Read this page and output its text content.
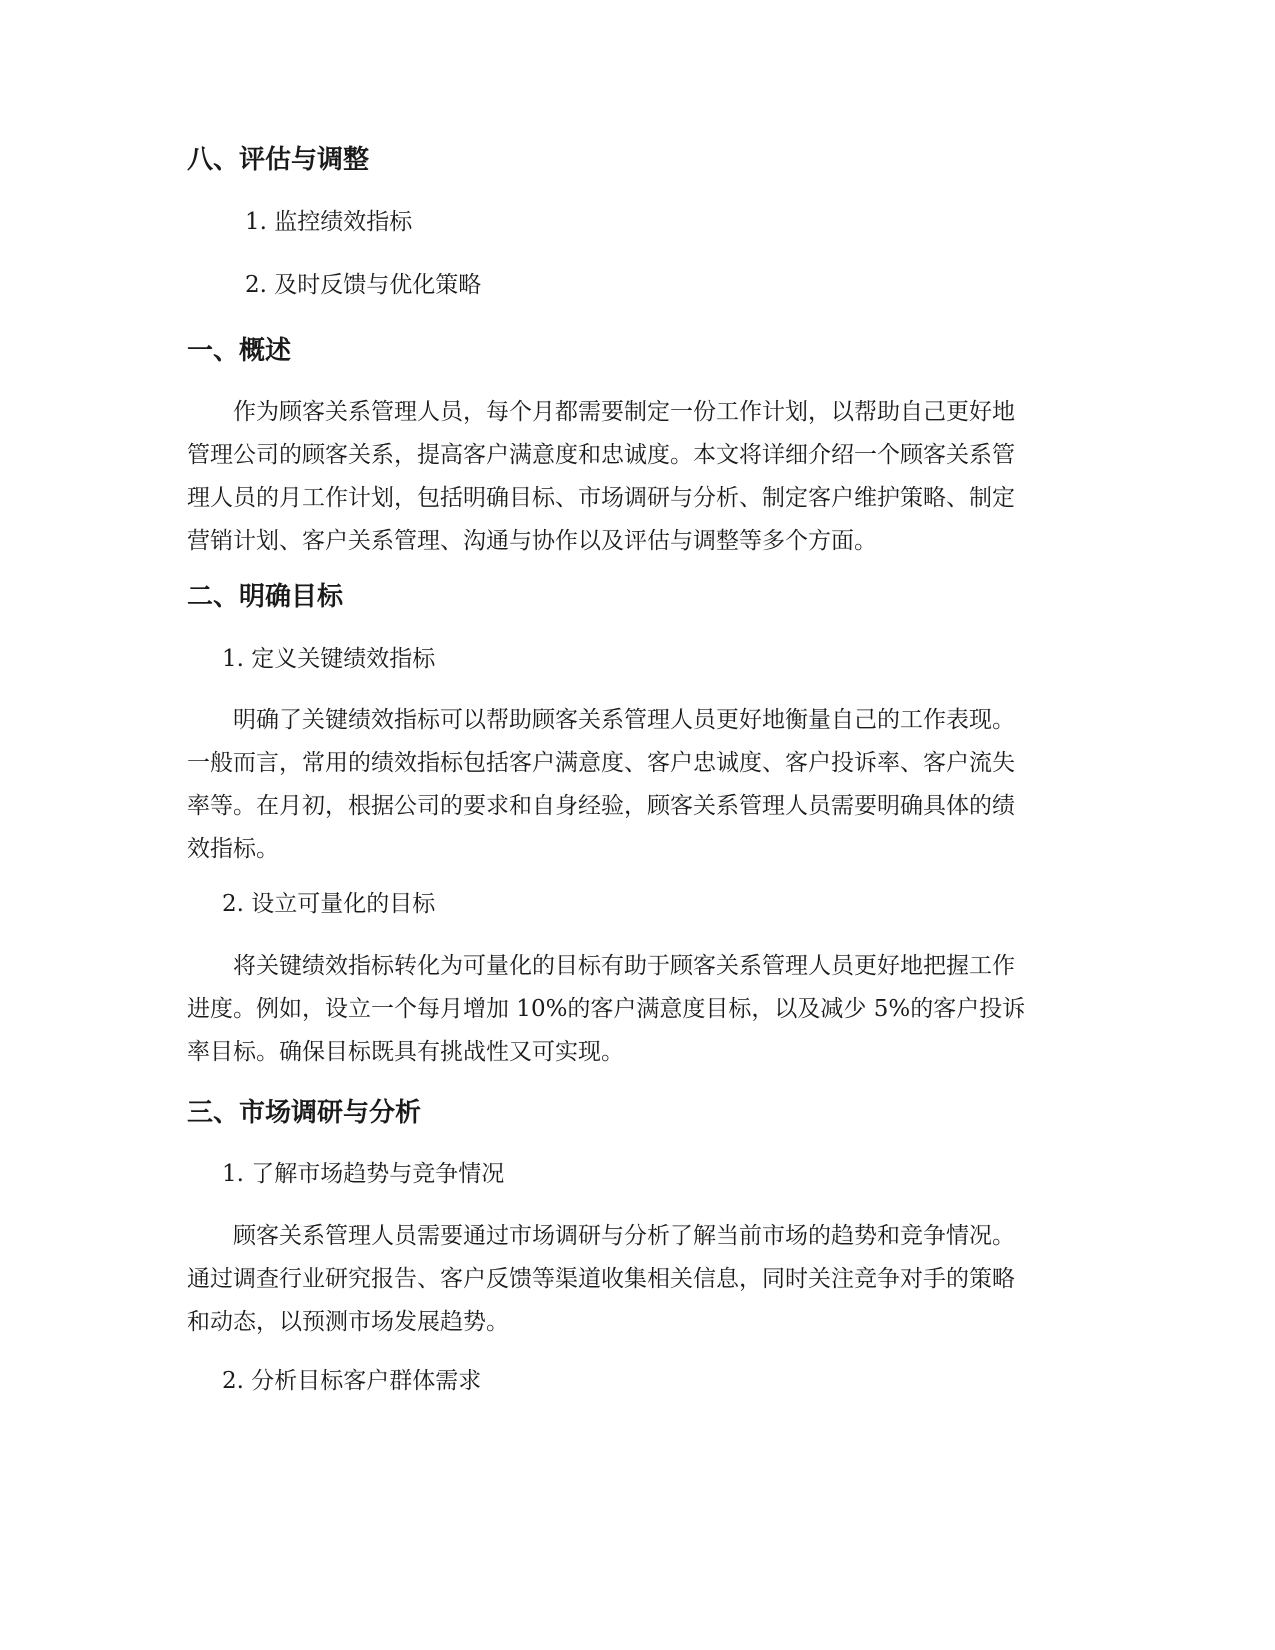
八、评估与调整

1. 监控绩效指标

2. 及时反馈与优化策略

一、概述
作为顾客关系管理人员，每个月都需要制定一份工作计划，以帮助自己更好地
管理公司的顾客关系，提高客户满意度和忠诚度。本文将详细介绍一个顾客关系管
理人员的月工作计划，包括明确目标、市场调研与分析、制定客户维护策略、制定
营销计划、客户关系管理、沟通与协作以及评估与调整等多个方面。
二、明确目标

1. 定义关键绩效指标

明确了关键绩效指标可以帮助顾客关系管理人员更好地衡量自己的工作表现。
一般而言，常用的绩效指标包括客户满意度、客户忠诚度、客户投诉率、客户流失
率等。在月初，根据公司的要求和自身经验，顾客关系管理人员需要明确具体的绩
效指标。

2. 设立可量化的目标

将关键绩效指标转化为可量化的目标有助于顾客关系管理人员更好地把握工作
进度。例如，设立一个每月增加 10%的客户满意度目标，以及减少 5%的客户投诉
率目标。确保目标既具有挑战性又可实现。
三、市场调研与分析

1. 了解市场趋势与竞争情况

顾客关系管理人员需要通过市场调研与分析了解当前市场的趋势和竞争情况。
通过调查行业研究报告、客户反馈等渠道收集相关信息，同时关注竞争对手的策略
和动态，以预测市场发展趋势。

2. 分析目标客户群体需求
